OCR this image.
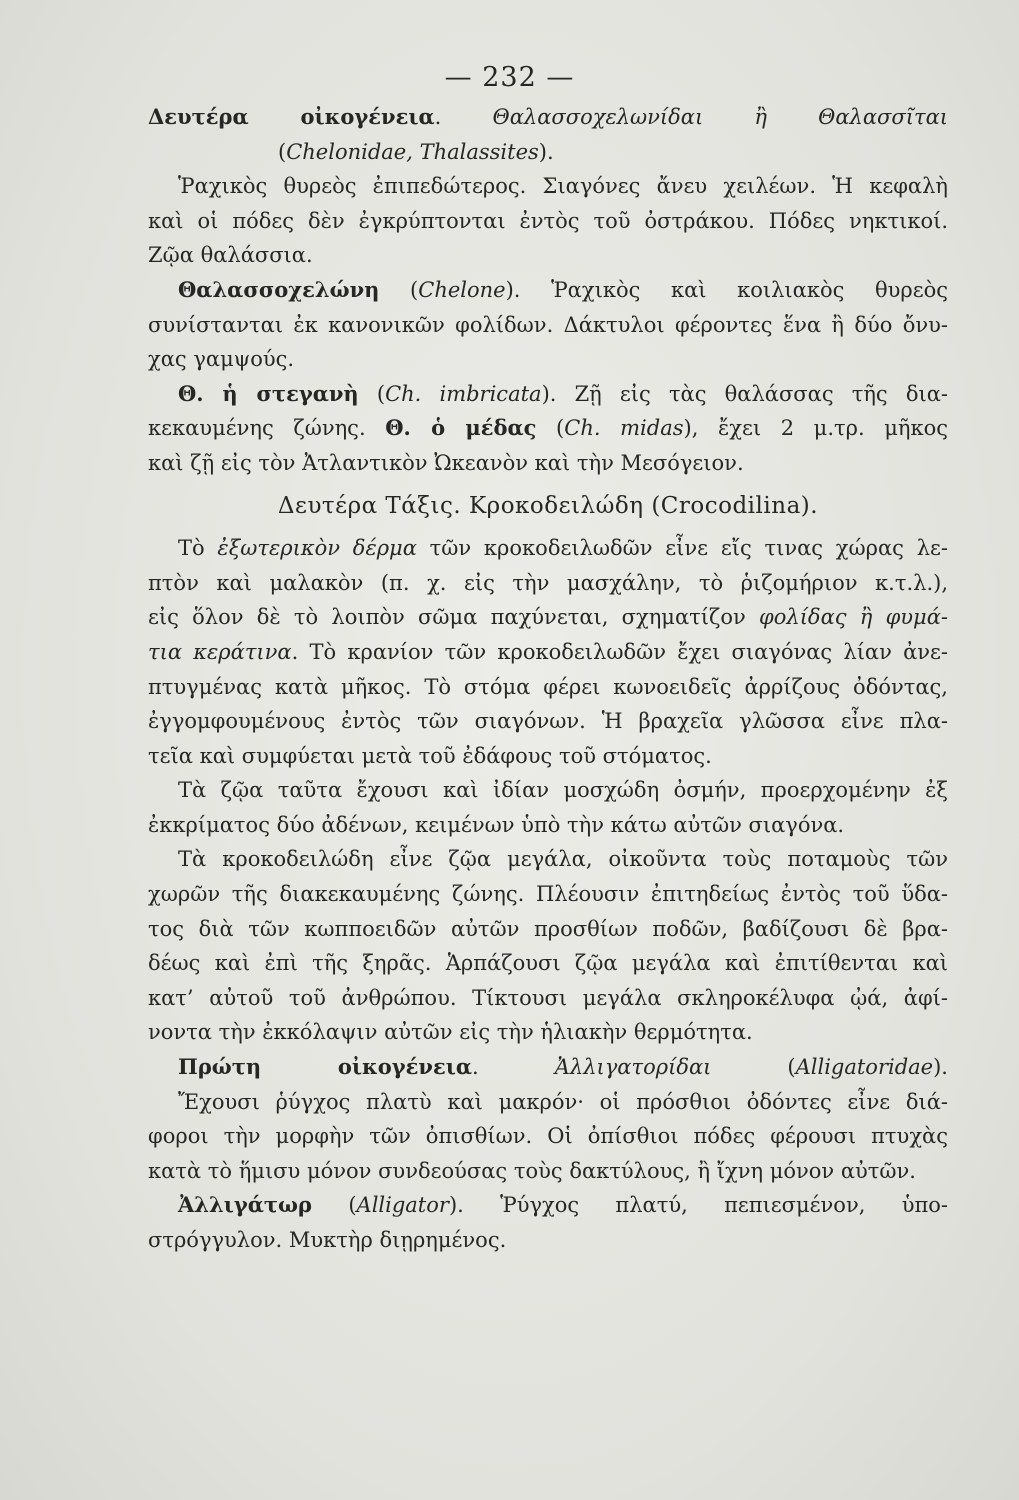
— 232 —
Δευτέρα οἰκογένεια. Θαλασσοχελωνίδαι ἢ Θαλασσῖται
(Chelonidae, Thalassites).
Ῥαχικὸς θυρεὸς ἐπιπεδώτερος. Σιαγόνες ἄνευ χειλέων. Ἡ κεφαλὴ
καὶ οἱ πόδες δὲν ἐγκρύπτονται ἐντὸς τοῦ ὀστράκου. Πόδες νηκτικοί.
Ζῷα θαλάσσια.
Θαλασσοχελώνη (Chelone). Ῥαχικὸς καὶ κοιλιακὸς θυρεὸς
συνίστανται ἐκ κανονικῶν φολίδων. Δάκτυλοι φέροντες ἕνα ἢ δύο ὄνυ-
χας γαμψούς.
Θ. ἡ στεγανὴ (Ch. imbricata). Ζῇ εἰς τὰς θαλάσσας τῆς δια-
κεκαυμένης ζώνης. Θ. ὁ μέδας (Ch. midas), ἔχει 2 μ.τρ. μῆκος
καὶ ζῇ εἰς τὸν Ἀτλαντικὸν Ὠκεανὸν καὶ τὴν Μεσόγειον.
Δευτέρα Τάξις. Κροκοδειλώδη (Crocodilina).
Τὸ ἐξωτερικὸν δέρμα τῶν κροκοδειλωδῶν εἶνε εἴς τινας χώρας λε-
πτὸν καὶ μαλακὸν (π. χ. εἰς τὴν μασχάλην, τὸ ῥιζομήριον κ.τ.λ.),
εἰς ὅλον δὲ τὸ λοιπὸν σῶμα παχύνεται, σχηματίζον φολίδας ἢ φυμά-
τια κεράτινα. Τὸ κρανίον τῶν κροκοδειλωδῶν ἔχει σιαγόνας λίαν ἀνε-
πτυγμένας κατὰ μῆκος. Τὸ στόμα φέρει κωνοειδεῖς ἀρρίζους ὀδόντας,
ἐγγομφουμένους ἐντὸς τῶν σιαγόνων. Ἡ βραχεῖα γλῶσσα εἶνε πλα-
τεῖα καὶ συμφύεται μετὰ τοῦ ἐδάφους τοῦ στόματος.
Τὰ ζῷα ταῦτα ἔχουσι καὶ ἰδίαν μοσχώδη ὀσμήν, προερχομένην ἐξ
ἐκκρίματος δύο ἀδένων, κειμένων ὑπὸ τὴν κάτω αὐτῶν σιαγόνα.
Τὰ κροκοδειλώδη εἶνε ζῷα μεγάλα, οἰκοῦντα τοὺς ποταμοὺς τῶν
χωρῶν τῆς διακεκαυμένης ζώνης. Πλέουσιν ἐπιτηδείως ἐντὸς τοῦ ὕδα-
τος διὰ τῶν κωπποειδῶν αὐτῶν προσθίων ποδῶν, βαδίζουσι δὲ βρα-
δέως καὶ ἐπὶ τῆς ξηρᾶς. Ἁρπάζουσι ζῷα μεγάλα καὶ ἐπιτίθενται καὶ
κατ’ αὐτοῦ τοῦ ἀνθρώπου. Τίκτουσι μεγάλα σκληροκέλυφα ᾠά, ἀφί-
νοντα τὴν ἐκκόλαψιν αὐτῶν εἰς τὴν ἡλιακὴν θερμότητα.
Πρώτη οἰκογένεια. Ἀλλιγατορίδαι (Alligatoridae).
Ἔχουσι ῥύγχος πλατὺ καὶ μακρόν· οἱ πρόσθιοι ὀδόντες εἶνε διά-
φοροι τὴν μορφὴν τῶν ὀπισθίων. Οἱ ὀπίσθιοι πόδες φέρουσι πτυχὰς
κατὰ τὸ ἥμισυ μόνον συνδεούσας τοὺς δακτύλους, ἢ ἴχνη μόνον αὐτῶν.
Ἀλλιγάτωρ (Alligator). Ῥύγχος πλατύ, πεπιεσμένον, ὑπο-
στρόγγυλον. Μυκτὴρ διῃρημένος.
